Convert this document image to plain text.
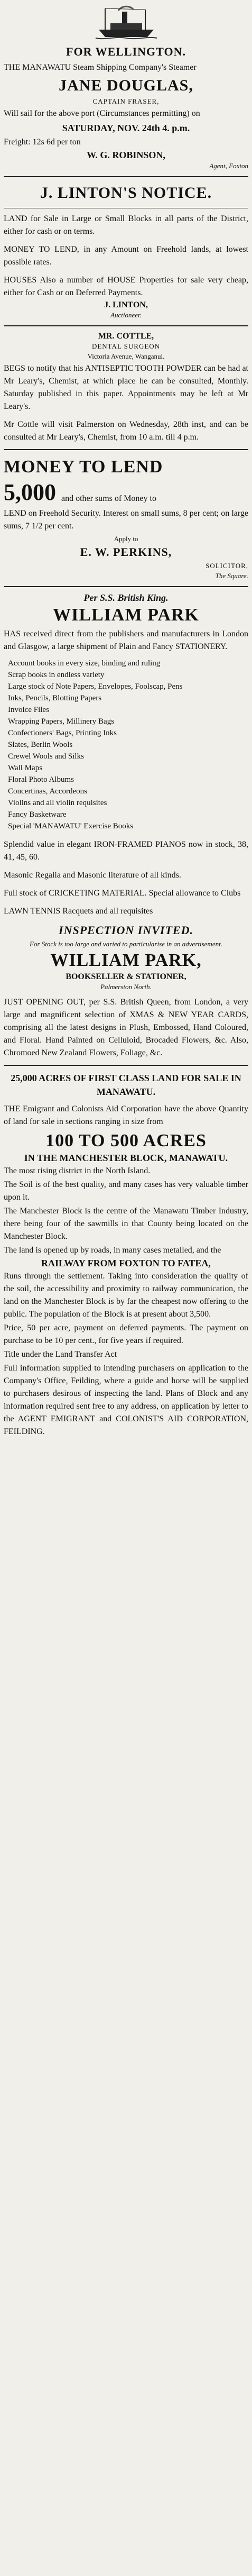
FOR WELLINGTON.
THE MANAWATU Steam Shipping Company's Steamer
JANE DOUGLAS,
CAPTAIN FRASER,
Will sail for the above port (Circumstances permitting) on
SATURDAY, NOV. 24th 4. p.m.
Freight: 12s 6d per ton
W. G. ROBINSON,
Agent, Foxton
J. LINTON'S NOTICE.
LAND for Sale in Large or Small Blocks in all parts of the District, either for cash or on terms.
MONEY TO LEND, in any Amount on Freehold lands, at lowest possible rates.
HOUSES Also a number of HOUSE Properties for sale very cheap, either for Cash or on Deferred Payments.
J. LINTON,
Auctioneer.
MR. COTTLE,
DENTAL SURGEON
Victoria Avenue, Wanganui.
BEGS to notify that his ANTISEPTIC TOOTH POWDER can be had at Mr Leary's, Chemist, at which place he can be consulted, Monthly. Saturday published in this paper. Appointments may be left at Mr Leary's.
Mr Cottle will visit Palmerston on Wednesday, 28th inst, and can be consulted at Mr Leary's, Chemist, from 10 a.m. till 4 p.m.
MONEY TO LEND
5,000 and other sums of Money to
LEND on Freehold Security. Interest on small sums, 8 per cent; on large sums, 7 1/2 per cent.
Apply to
E. W. PERKINS,
SOLICITOR,
The Square.
Per S.S. British King.
WILLIAM PARK
HAS received direct from the publishers and manufacturers in London and Glasgow, a large shipment of Plain and Fancy STATIONERY.
Account books in every size, binding and ruling
Scrap books in endless variety
Large stock of Note Papers, Envelopes, Foolscap, Pens
Inks, Pencils, Blotting Papers
Invoice Files
Wrapping Papers, Millinery Bags
Confectioners' Bags, Printing Inks
Slates, Berlin Wools
Crewel Wools and Silks
Wall Maps
Floral Photo Albums
Concertinas, Accordeons
Violins and all violin requisites
Fancy Basketware
Special 'MANAWATU' Exercise Books
Splendid value in elegant IRON-FRAMED PIANOS now in stock, 38, 41, 45, 60.
Masonic Regalia and Masonic literature of all kinds.
Full stock of CRICKETING MATERIAL. Special allowance to Clubs
LAWN TENNIS Racquets and all requisites
INSPECTION INVITED.
For Stock is too large and varied to particularise in an advertisement.
WILLIAM PARK,
BOOKSELLER & STATIONER,
Palmerston North.
JUST OPENING OUT, per S.S. British Queen, from London, a very large and magnificent selection of XMAS & NEW YEAR CARDS, comprising all the latest designs in Plush, Embossed, Hand Coloured, and Floral. Hand Painted on Celluloid, Brocaded Flowers, &c. Also, Chromoed New Zealand Flowers, Foliage, &c.
25,000 ACRES OF FIRST CLASS LAND FOR SALE IN MANAWATU.
THE Emigrant and Colonists Aid Corporation have the above Quantity of land for sale in sections ranging in size from
100 TO 500 ACRES
IN THE MANCHESTER BLOCK, MANAWATU.
The most rising district in the North Island.
The Soil is of the best quality, and many cases has very valuable timber upon it.
The Manchester Block is the centre of the Manawatu Timber Industry, there being four of the sawmills in that County being located on the Manchester Block.
The land is opened up by roads, in many cases metalled, and the
RAILWAY FROM FOXTON TO FATEA,
Runs through the settlement. Taking into consideration the quality of the soil, the accessibility and proximity to railway communication, the land on the Manchester Block is by far the cheapest now offering to the public. The population of the Block is at present about 3,500.
Price, 50 per acre, payment on deferred payments. The payment on purchase to be 10 per cent., for five years if required.
Title under the Land Transfer Act
Full information supplied to intending purchasers on application to the Company's Office, Feilding, where a guide and horse will be supplied to purchasers desirous of inspecting the land. Plans of Block and any information required sent free to any address, on application by letter to the AGENT EMIGRANT and COLONIST'S AID CORPORATION, FEILDING.
